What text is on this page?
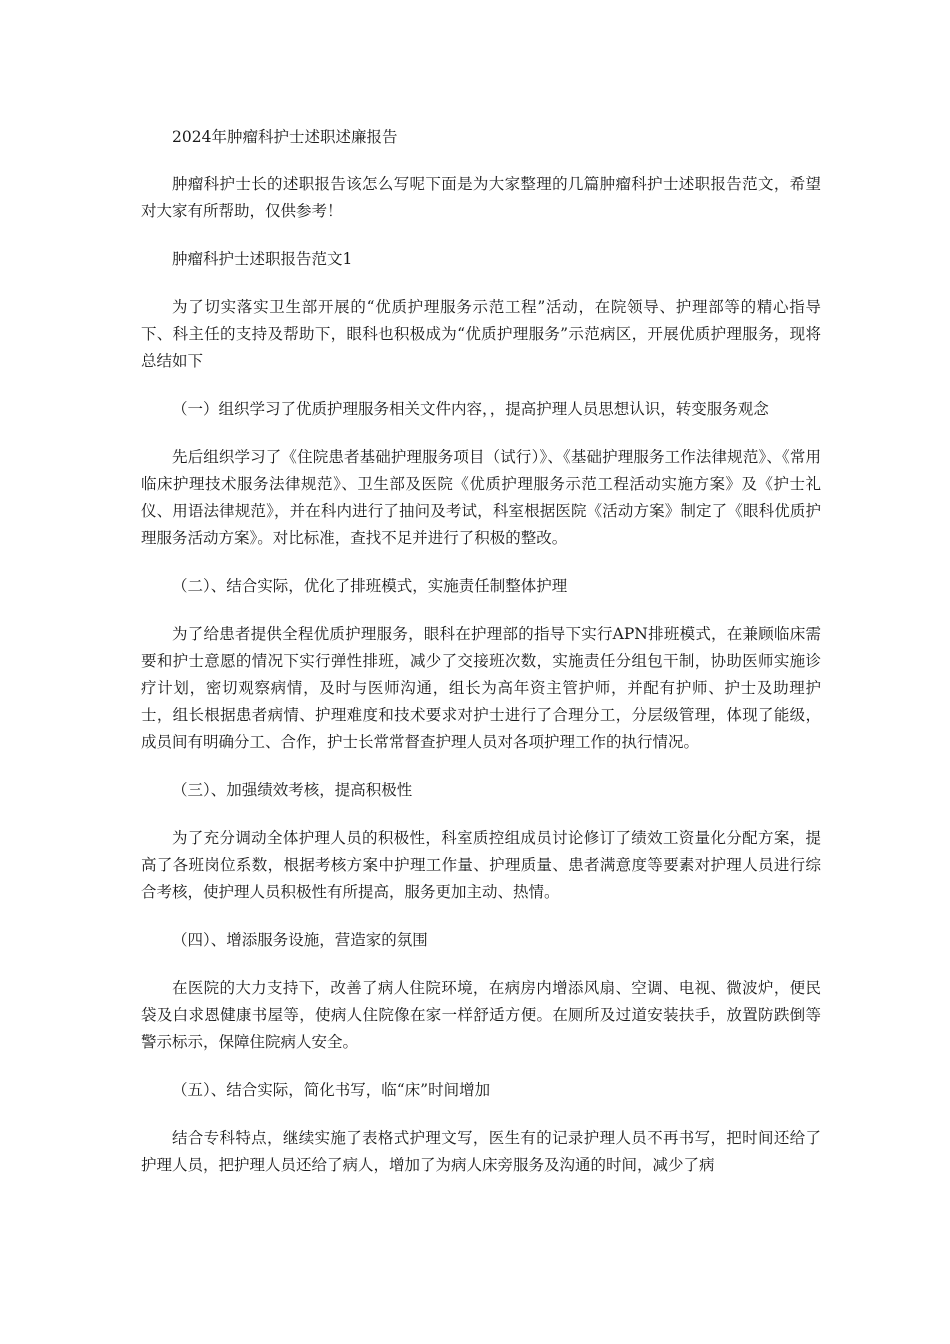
2024年肿瘤科护士述职述廉报告

肿瘤科护士长的述职报告该怎么写呢下面是为大家整理的几篇肿瘤科护士述职报告范文，希望对大家有所帮助，仅供参考！

肿瘤科护士述职报告范文1

为了切实落实卫生部开展的“优质护理服务示范工程”活动，在院领导、护理部等的精心指导下、科主任的支持及帮助下，眼科也积极成为“优质护理服务”示范病区，开展优质护理服务，现将总结如下

（一）组织学习了优质护理服务相关文件内容，，提高护理人员思想认识，转变服务观念

先后组织学习了《住院患者基础护理服务项目（试行）》、《基础护理服务工作法律规范》、《常用临床护理技术服务法律规范》、卫生部及医院《优质护理服务示范工程活动实施方案》及《护士礼仪、用语法律规范》，并在科内进行了抽问及考试，科室根据医院《活动方案》制定了《眼科优质护理服务活动方案》。对比标准，查找不足并进行了积极的整改。

（二）、结合实际，优化了排班模式，实施责任制整体护理

为了给患者提供全程优质护理服务，眼科在护理部的指导下实行APN排班模式，在兼顾临床需要和护士意愿的情况下实行弹性排班，减少了交接班次数，实施责任分组包干制，协助医师实施诊疗计划，密切观察病情，及时与医师沟通，组长为高年资主管护师，并配有护师、护士及助理护士，组长根据患者病情、护理难度和技术要求对护士进行了合理分工，分层级管理，体现了能级，成员间有明确分工、合作，护士长常常督查护理人员对各项护理工作的执行情况。

（三）、加强绩效考核，提高积极性

为了充分调动全体护理人员的积极性，科室质控组成员讨论修订了绩效工资量化分配方案，提高了各班岗位系数，根据考核方案中护理工作量、护理质量、患者满意度等要素对护理人员进行综合考核，使护理人员积极性有所提高，服务更加主动、热情。

（四）、增添服务设施，营造家的氛围

在医院的大力支持下，改善了病人住院环境，在病房内增添风扇、空调、电视、微波炉，便民袋及白求恩健康书屋等，使病人住院像在家一样舒适方便。在厕所及过道安装扶手，放置防跌倒等警示标示，保障住院病人安全。

（五）、结合实际，简化书写，临“床”时间增加

结合专科特点，继续实施了表格式护理文写，医生有的记录护理人员不再书写，把时间还给了护理人员，把护理人员还给了病人，增加了为病人床旁服务及沟通的时间，减少了病
